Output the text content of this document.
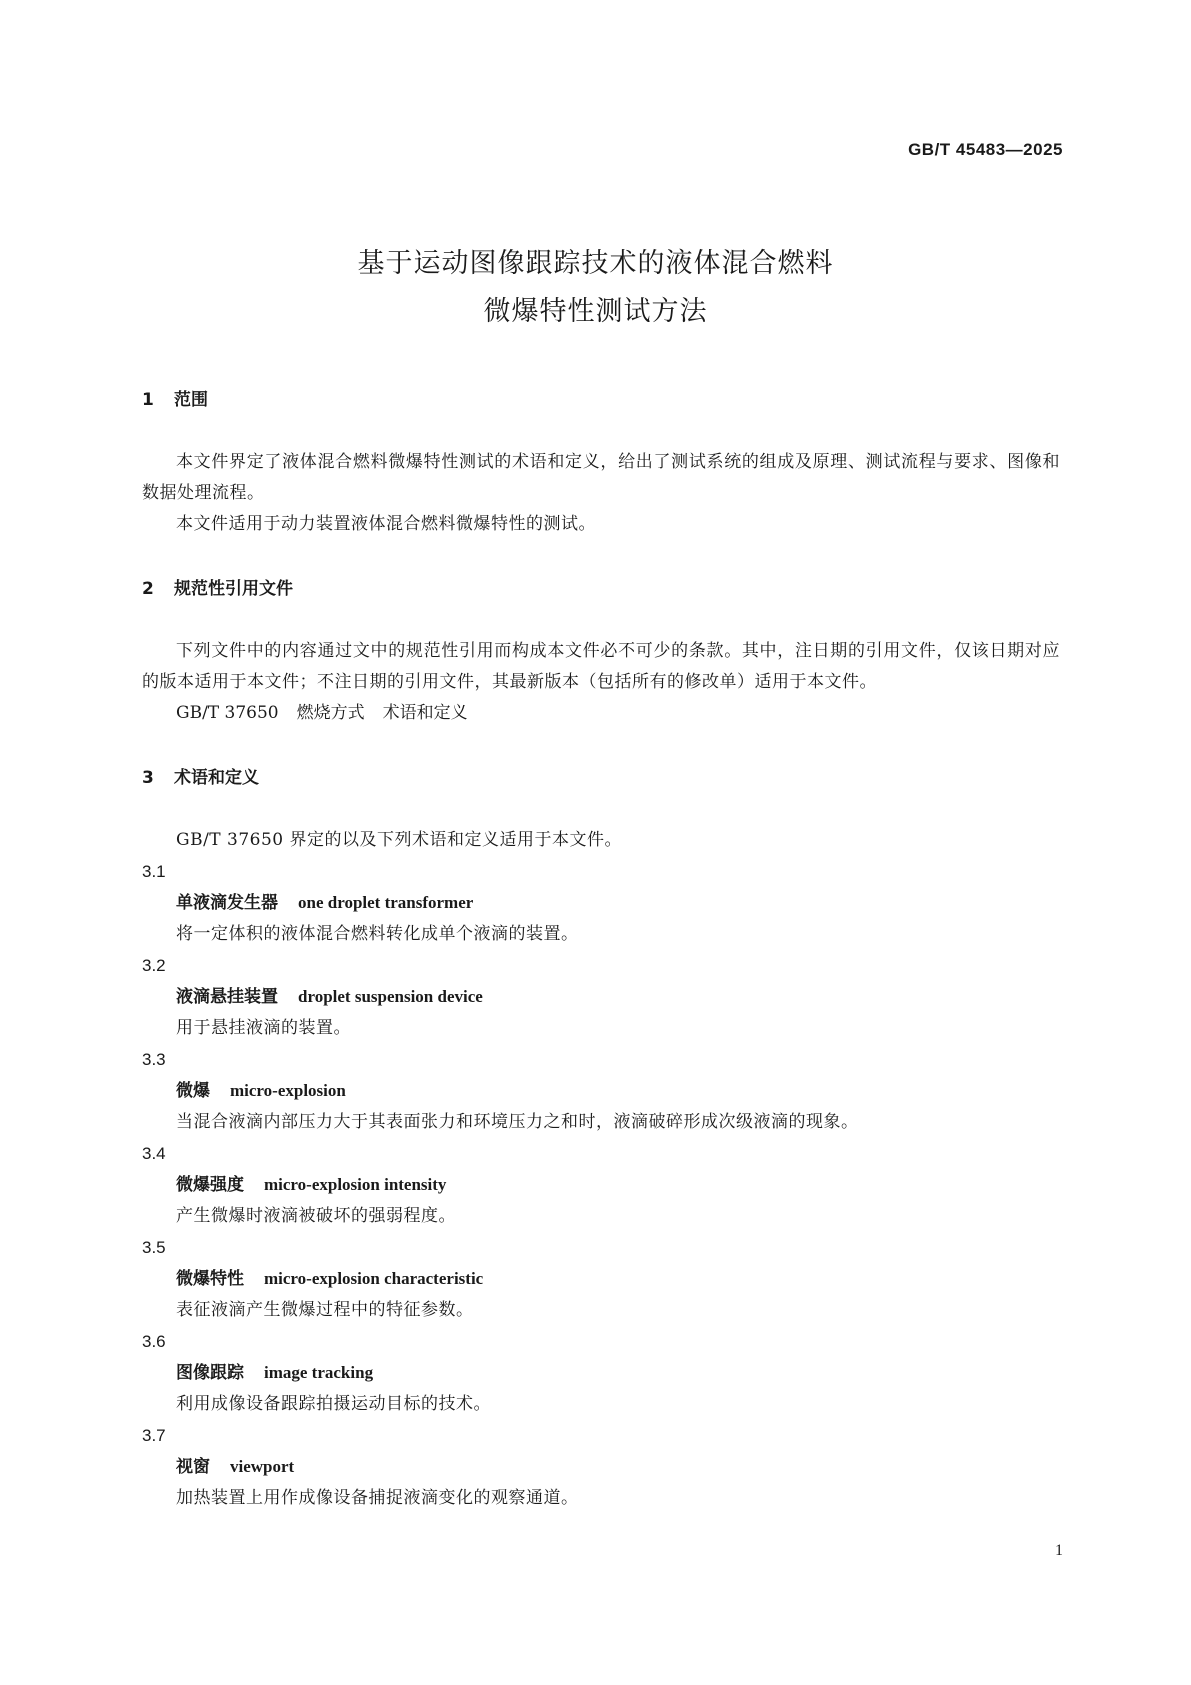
GB/T 45483—2025
基于运动图像跟踪技术的液体混合燃料
微爆特性测试方法
1 范围

本文件界定了液体混合燃料微爆特性测试的术语和定义，给出了测试系统的组成及原理、测试流程与要求、图像和数据处理流程。

本文件适用于动力装置液体混合燃料微爆特性的测试。

2 规范性引用文件

下列文件中的内容通过文中的规范性引用而构成本文件必不可少的条款。其中，注日期的引用文件，仅该日期对应的版本适用于本文件；不注日期的引用文件，其最新版本（包括所有的修改单）适用于本文件。

GB/T 37650 燃烧方式 术语和定义

3 术语和定义

GB/T 37650 界定的以及下列术语和定义适用于本文件。

3.1

单液滴发生器 one droplet transformer

将一定体积的液体混合燃料转化成单个液滴的装置。

3.2

液滴悬挂装置 droplet suspension device

用于悬挂液滴的装置。

3.3

微爆 micro-explosion

当混合液滴内部压力大于其表面张力和环境压力之和时，液滴破碎形成次级液滴的现象。

3.4

微爆强度 micro-explosion intensity

产生微爆时液滴被破坏的强弱程度。

3.5

微爆特性 micro-explosion characteristic

表征液滴产生微爆过程中的特征参数。

3.6

图像跟踪 image tracking

利用成像设备跟踪拍摄运动目标的技术。

3.7

视窗 viewport

加热装置上用作成像设备捕捉液滴变化的观察通道。

1
